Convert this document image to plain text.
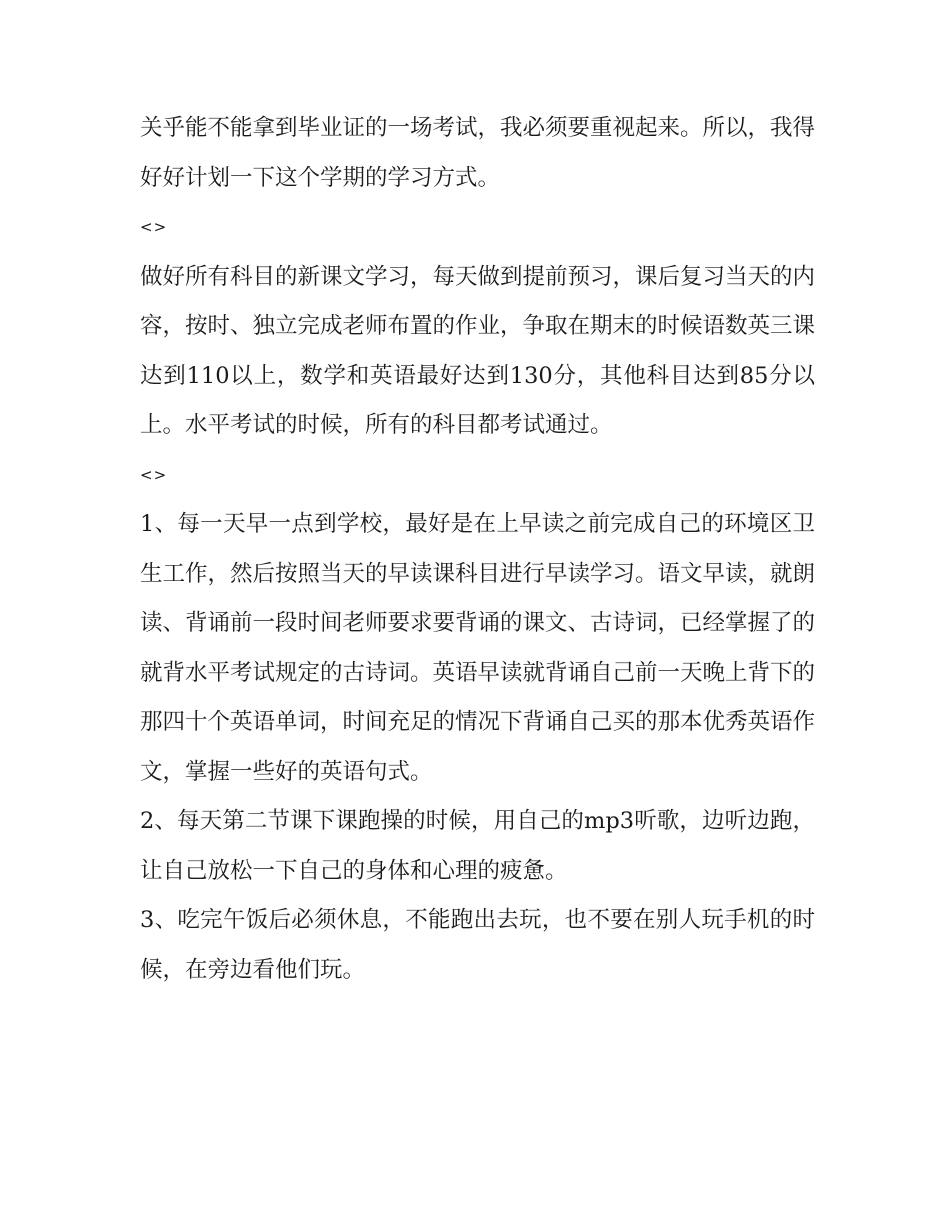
关乎能不能拿到毕业证的一场考试，我必须要重视起来。所以，我得好好计划一下这个学期的学习方式。

<>

做好所有科目的新课文学习，每天做到提前预习，课后复习当天的内容，按时、独立完成老师布置的作业，争取在期末的时候语数英三课达到110以上，数学和英语最好达到130分，其他科目达到85分以上。水平考试的时候，所有的科目都考试通过。

<>

1、每一天早一点到学校，最好是在上早读之前完成自己的环境区卫生工作，然后按照当天的早读课科目进行早读学习。语文早读，就朗读、背诵前一段时间老师要求要背诵的课文、古诗词，已经掌握了的就背水平考试规定的古诗词。英语早读就背诵自己前一天晚上背下的那四十个英语单词，时间充足的情况下背诵自己买的那本优秀英语作文，掌握一些好的英语句式。

2、每天第二节课下课跑操的时候，用自己的mp3听歌，边听边跑，让自己放松一下自己的身体和心理的疲惫。

3、吃完午饭后必须休息，不能跑出去玩，也不要在别人玩手机的时候，在旁边看他们玩。
